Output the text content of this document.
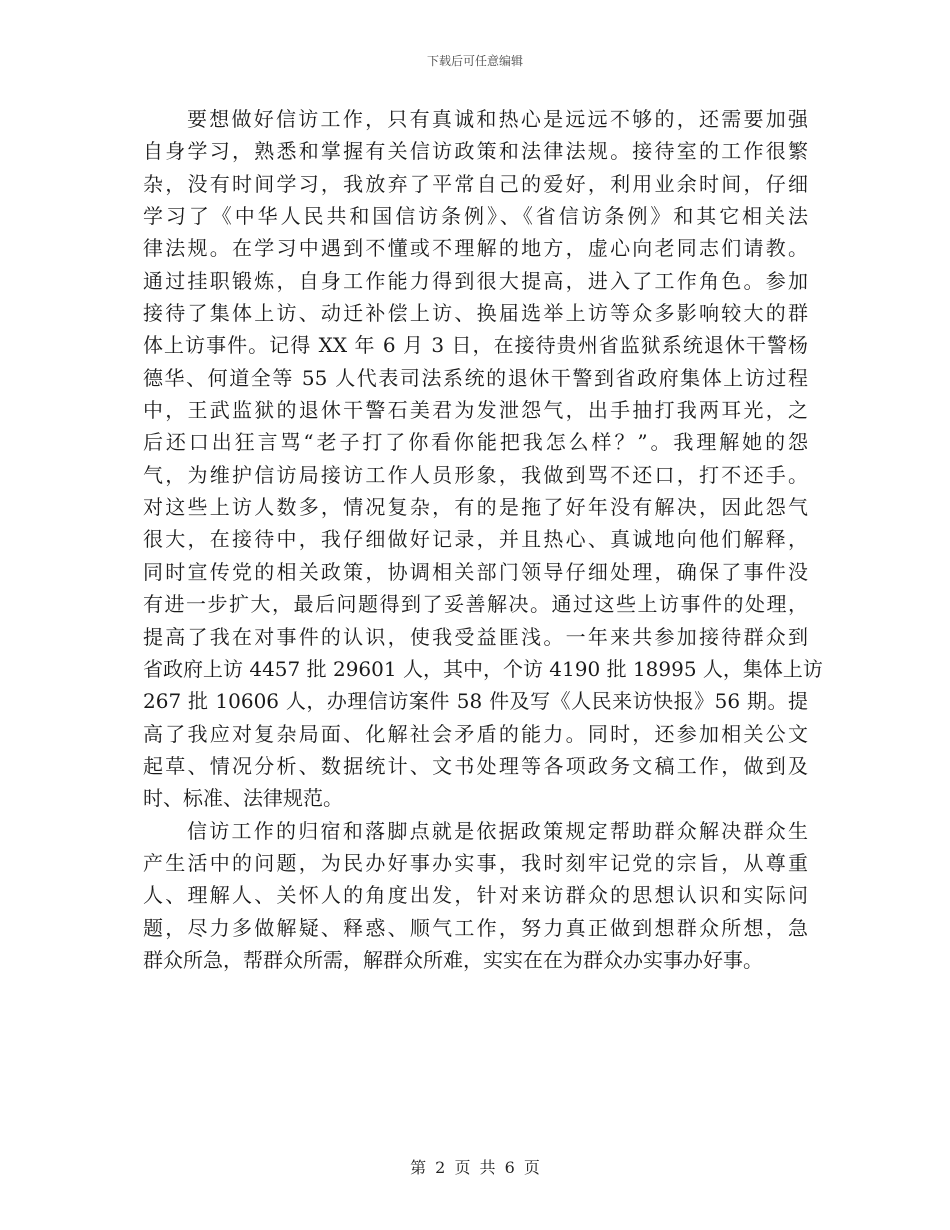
下载后可任意编辑
要想做好信访工作，只有真诚和热心是远远不够的，还需要加强
自身学习，熟悉和掌握有关信访政策和法律法规。接待室的工作很繁
杂，没有时间学习，我放弃了平常自己的爱好，利用业余时间，仔细
学习了《中华人民共和国信访条例》、《省信访条例》和其它相关法
律法规。在学习中遇到不懂或不理解的地方，虚心向老同志们请教。
通过挂职锻炼，自身工作能力得到很大提高，进入了工作角色。参加
接待了集体上访、动迁补偿上访、换届选举上访等众多影响较大的群
体上访事件。记得 XX 年 6 月 3 日，在接待贵州省监狱系统退休干警杨
德华、何道全等 55 人代表司法系统的退休干警到省政府集体上访过程
中，王武监狱的退休干警石美君为发泄怨气，出手抽打我两耳光，之
后还口出狂言骂“老子打了你看你能把我怎么样？”。我理解她的怨
气，为维护信访局接访工作人员形象，我做到骂不还口，打不还手。
对这些上访人数多，情况复杂，有的是拖了好年没有解决，因此怨气
很大，在接待中，我仔细做好记录，并且热心、真诚地向他们解释，
同时宣传党的相关政策，协调相关部门领导仔细处理，确保了事件没
有进一步扩大，最后问题得到了妥善解决。通过这些上访事件的处理，
提高了我在对事件的认识，使我受益匪浅。一年来共参加接待群众到
省政府上访 4457 批 29601 人，其中，个访 4190 批 18995 人，集体上访
267 批 10606 人，办理信访案件 58 件及写《人民来访快报》56 期。提
高了我应对复杂局面、化解社会矛盾的能力。同时，还参加相关公文
起草、情况分析、数据统计、文书处理等各项政务文稿工作，做到及
时、标准、法律规范。
信访工作的归宿和落脚点就是依据政策规定帮助群众解决群众生
产生活中的问题，为民办好事办实事，我时刻牢记党的宗旨，从尊重
人、理解人、关怀人的角度出发，针对来访群众的思想认识和实际问
题，尽力多做解疑、释惑、顺气工作，努力真正做到想群众所想，急
群众所急，帮群众所需，解群众所难，实实在在为群众办实事办好事。
第 2 页 共 6 页
